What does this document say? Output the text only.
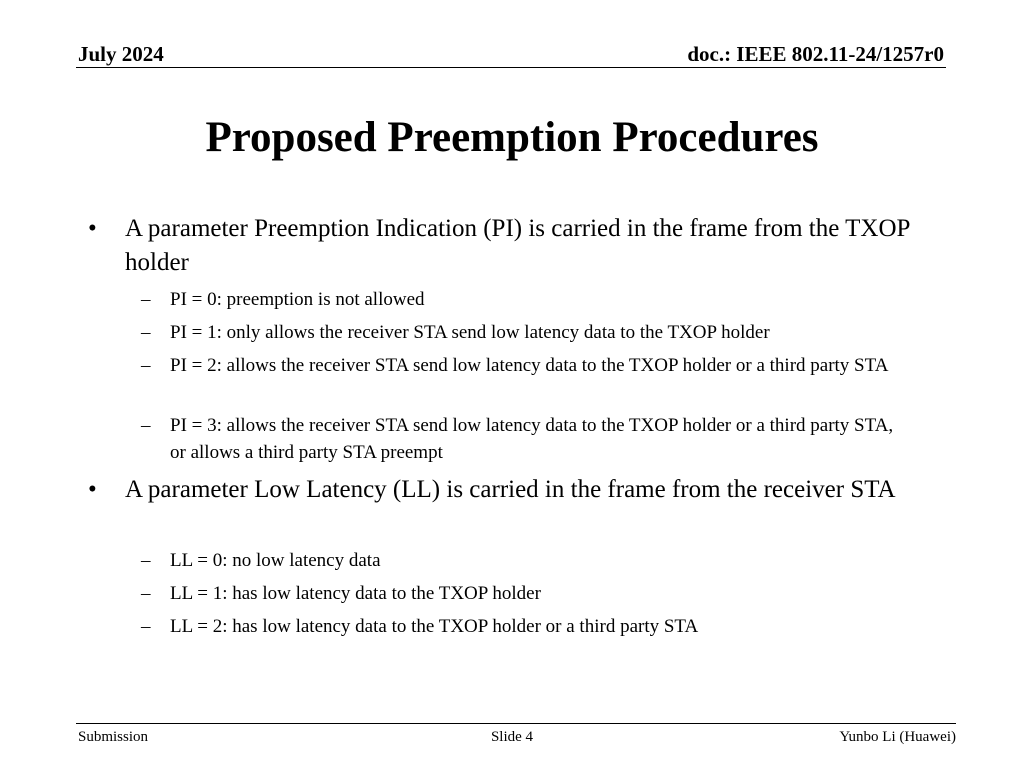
July 2024	doc.: IEEE 802.11-24/1257r0
Proposed Preemption Procedures
• A parameter Preemption Indication (PI) is carried in the frame from the TXOP holder
– PI = 0: preemption is not allowed
– PI = 1: only allows the receiver STA send low latency data to the TXOP holder
– PI = 2: allows the receiver STA send low latency data to the TXOP holder or a third party STA
– PI = 3: allows the receiver STA send low latency data to the TXOP holder or a third party STA, or allows a third party STA preempt
• A parameter Low Latency (LL) is carried in the frame from the receiver STA
– LL = 0: no low latency data
– LL = 1: has low latency data to the TXOP holder
– LL = 2: has low latency data to the TXOP holder or a third party STA
Submission	Slide 4	Yunbo Li (Huawei)
